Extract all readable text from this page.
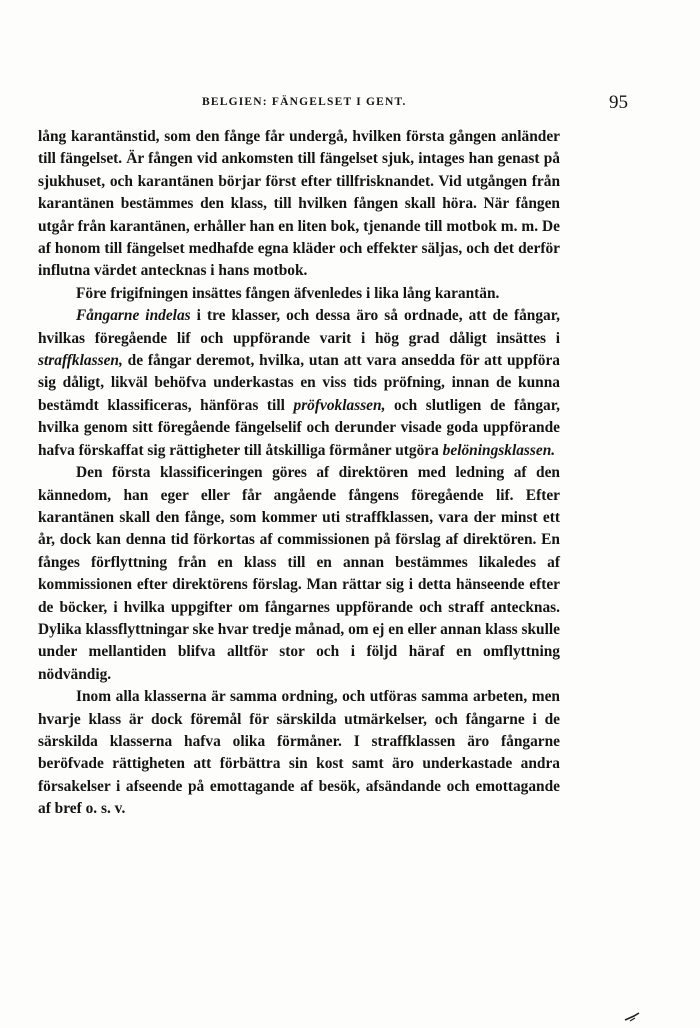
BELGIEN: FÄNGELSET I GENT.	95

lång karantänstid, som den fånge får undergå, hvilken första gången anländer till fängelset. Är fången vid ankomsten till fängelset sjuk, intages han genast på sjukhuset, och karantänen börjar först efter tillfrisknandet. Vid utgången från karantänen bestämmes den klass, till hvilken fången skall höra. När fången utgår från karantänen, erhåller han en liten bok, tjenande till motbok m. m. De af honom till fängelset medhafde egna kläder och effekter säljas, och det derför influtna värdet antecknas i hans motbok.

Före frigifningen insättes fången äfvenledes i lika lång karantän.

Fångarne indelas i tre klasser, och dessa äro så ordnade, att de fångar, hvilkas föregående lif och uppförande varit i hög grad dåligt insättes i straffklassen, de fångar deremot, hvilka, utan att vara ansedda för att uppföra sig dåligt, likväl behöfva underkastas en viss tids pröfning, innan de kunna bestämdt klassificeras, hänföras till pröfvoklassen, och slutligen de fångar, hvilka genom sitt föregående fängelselif och derunder visade goda uppförande hafva förskaffat sig rättigheter till åtskilliga förmåner utgöra belöningsklassen.

Den första klassificeringen göres af direktören med ledning af den kännedom, han eger eller får angående fångens föregående lif. Efter karantänen skall den fånge, som kommer uti straffklassen, vara der minst ett år, dock kan denna tid förkortas af commissionen på förslag af direktören. En fånges förflyttning från en klass till en annan bestämmes likaledes af kommissionen efter direktörens förslag. Man rättar sig i detta hänseende efter de böcker, i hvilka uppgifter om fångarnes uppförande och straff antecknas. Dylika klassflyttningar ske hvar tredje månad, om ej en eller annan klass skulle under mellantiden blifva alltför stor och i följd häraf en omflyttning nödvändig.

Inom alla klasserna är samma ordning, och utföras samma arbeten, men hvarje klass är dock föremål för särskilda utmärkelser, och fångarne i de särskilda klasserna hafva olika förmåner. I straffklassen äro fångarne beröfvade rättigheten att förbättra sin kost samt äro underkastade andra försakelser i afseende på emottagande af besök, afsändande och emottagande af bref o. s. v.
